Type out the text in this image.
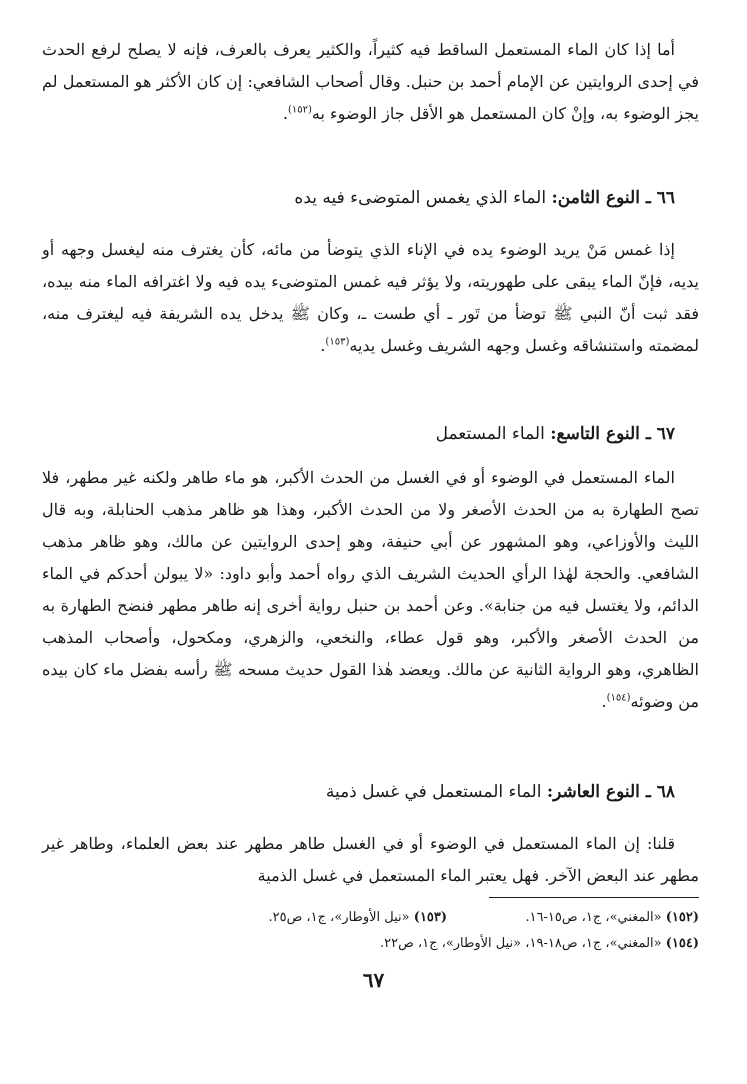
أما إذا كان الماء المستعمل الساقط فيه كثيراً، والكثير يعرف بالعرف، فإنه لا يصلح لرفع الحدث في إحدى الروايتين عن الإمام أحمد بن حنبل. وقال أصحاب الشافعي: إن كان الأكثر هو المستعمل لم يجز الوضوء به، وإنْ كان المستعمل هو الأقل جاز الوضوء به$^{(١٥٢)}$.

٦٦ ـ النوع الثامن: الماء الذي يغمس المتوضىء فيه يده

إذا غمس مَنْ يريد الوضوء يده في الإناء الذي يتوضأ من مائه، كأن يغترف منه ليغسل وجهه أو يديه، فإنّ الماء يبقى على طهوريته، ولا يؤثر فيه غمس المتوضىء يده فيه ولا اغترافه الماء منه بيده، فقد ثبت أنّ النبي ﷺ توضأ من تَور ـ أي طست ـ، وكان ﷺ يدخل يده الشريفة فيه ليغترف منه، لمضمته واستنشاقه وغسل وجهه الشريف وغسل يديه$^{(١٥٣)}$.

٦٧ ـ النوع التاسع: الماء المستعمل

الماء المستعمل في الوضوء أو في الغسل من الحدث الأكبر، هو ماء طاهر ولكنه غير مطهر، فلا تصح الطهارة به من الحدث الأصغر ولا من الحدث الأكبر، وهذا هو ظاهر مذهب الحنابلة، وبه قال الليث والأوزاعي، وهو المشهور عن أبي حنيفة، وهو إحدى الروايتين عن مالك، وهو ظاهر مذهب الشافعي. والحجة لهٰذا الرأي الحديث الشريف الذي رواه أحمد وأبو داود: «لا يبولن أحدكم في الماء الدائم، ولا يغتسل فيه من جنابة». وعن أحمد بن حنبل رواية أخرى إنه طاهر مطهر فنضح الطهارة به من الحدث الأصغر والأكبر، وهو قول عطاء، والنخعي، والزهري، ومكحول، وأصحاب المذهب الظاهري، وهو الرواية الثانية عن مالك. ويعضد هٰذا القول حديث مسحه ﷺ رأسه بفضل ماء كان بيده من وضوئه$^{(١٥٤)}$.

٦٨ ـ النوع العاشر: الماء المستعمل في غسل ذمية

قلنا: إن الماء المستعمل في الوضوء أو في الغسل طاهر مطهر عند بعض العلماء، وطاهر غير مطهر عند البعض الآخر. فهل يعتبر الماء المستعمل في غسل الذمية

(١٥٢) «المغني»، ج١، ص١٥-١٦.  (١٥٣) «نيل الأوطار»، ج١، ص٢٥.
(١٥٤) «المغني»، ج١، ص١٨-١٩، «نيل الأوطار»، ج١، ص٢٢.
٦٧
